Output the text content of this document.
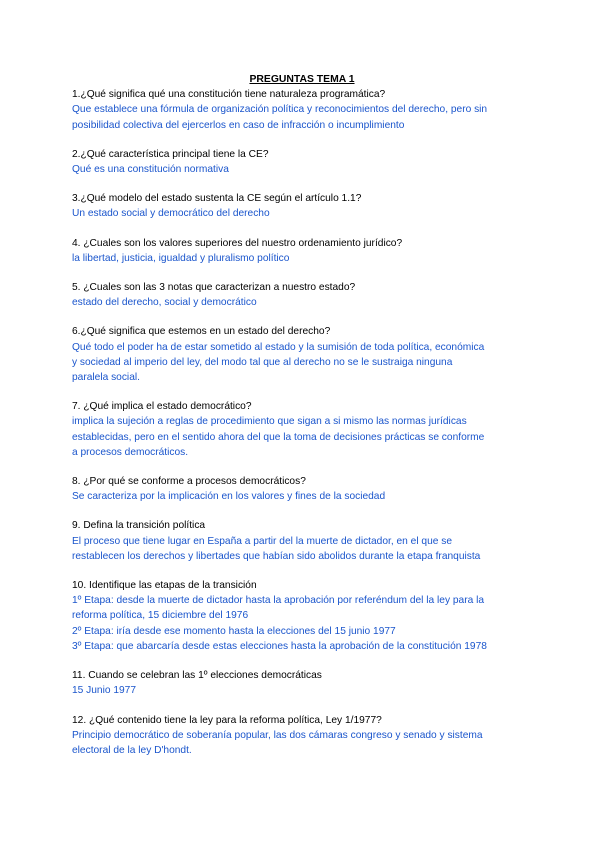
PREGUNTAS TEMA 1
1.¿Qué significa qué una constitución tiene naturaleza programática?
Que establece una fórmula de organización política y reconocimientos del derecho, pero sin
posibilidad colectiva del ejercerlos en caso de infracción o incumplimiento
2.¿Qué característica principal tiene la CE?
Qué es una constitución normativa
3.¿Qué modelo del estado sustenta la CE según el artículo 1.1?
Un estado social y democrático del derecho
4. ¿Cuales son los valores superiores del nuestro ordenamiento jurídico?
la libertad, justicia, igualdad y pluralismo político
5. ¿Cuales son las 3 notas que caracterizan a nuestro estado?
estado del derecho, social y democrático
6.¿Qué significa que estemos en un estado del derecho?
Qué todo el poder ha de estar sometido al estado y la sumisión de toda política, económica
y sociedad al imperio del ley, del modo tal que al derecho no se le sustraiga ninguna
paralela social.
7. ¿Qué implica el estado democrático?
implica la sujeción a reglas de procedimiento que sigan a si mismo las normas jurídicas
establecidas, pero en el sentido ahora del que la toma de decisiones prácticas se conforme
a procesos democráticos.
8. ¿Por qué se conforme a procesos democráticos?
Se caracteriza por la implicación en los valores y fines de la sociedad
9. Defina la transición política
El proceso que tiene lugar en España a partir del la muerte de dictador, en el que se
restablecen los derechos y libertades que habían sido abolidos durante la etapa franquista
10. Identifique las etapas de la transición
1º Etapa: desde la muerte de dictador hasta la aprobación por referéndum del la ley para la
reforma política, 15 diciembre del 1976
2º Etapa: iría desde ese momento hasta la elecciones del 15 junio 1977
3º Etapa: que abarcaría desde estas elecciones hasta la aprobación de la constitución 1978
11. Cuando se celebran las 1º elecciones democráticas
15 Junio 1977
12. ¿Qué contenido tiene la ley para la reforma política, Ley 1/1977?
Principio democrático de soberanía popular, las dos cámaras congreso y senado y sistema
electoral de la ley D'hondt.
